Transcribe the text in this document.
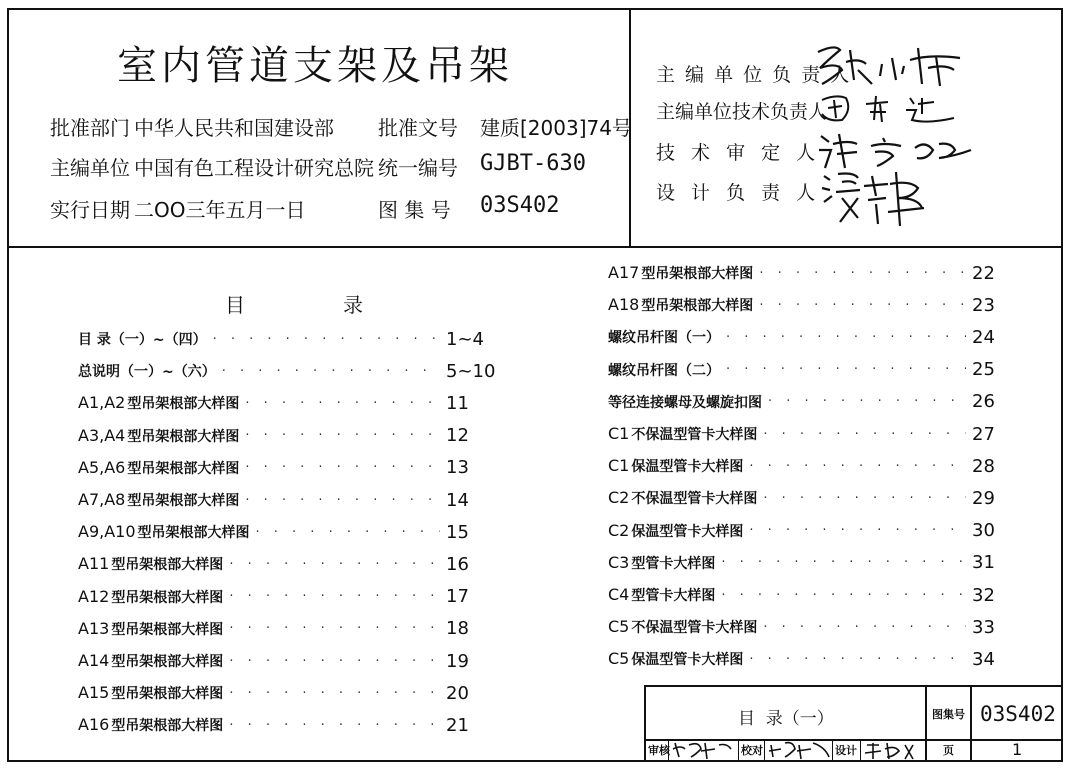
室内管道支架及吊架
批准部门 中华人民共和国建设部 批准文号 建质[2003]74号
主编单位 中国有色工程设计研究总院 统一编号 GJBT-630
实行日期 二OO三年五月一日	图 集 号 03S402
主 编 单 位 负 责 人
主编单位技术负责人
技 术 审 定 人
设 计 负 责 人
目	录
目 录（一）~（四） · · ·	1~4
总说明（一）~（六） · · ·	5~10
A1,A2 型吊架根部大样图 · · ·	11
A3,A4 型吊架根部大样图 · · ·	12
A5,A6 型吊架根部大样图 · · ·	13
A7,A8 型吊架根部大样图 · · ·	14
A9,A10 型吊架根部大样图 · · ·	15
A11 型吊架根部大样图 · · ·	16
A12 型吊架根部大样图 · · ·	17
A13 型吊架根部大样图 · · ·	18
A14 型吊架根部大样图 · · ·	19
A15 型吊架根部大样图 · · ·	20
A16 型吊架根部大样图 · · ·	21
A17 型吊架根部大样图 · · ·	22
A18 型吊架根部大样图 · · ·	23
螺纹吊杆图（一） · · ·	24
螺纹吊杆图（二） · · ·	25
等径连接螺母及螺旋扣图 · · ·	26
C1 不保温型管卡大样图 · · ·	27
C1 保温型管卡大样图 · · ·	28
C2 不保温型管卡大样图 · · ·	29
C2 保温型管卡大样图 · · ·	30
C3 型管卡大样图 · · ·	31
C4 型管卡大样图 · · ·	32
C5 不保温型管卡大样图 · · ·	33
C5 保温型管卡大样图 · · ·	34
目  录（一）	图集号 03S402
审核	校对	设计	页	1
